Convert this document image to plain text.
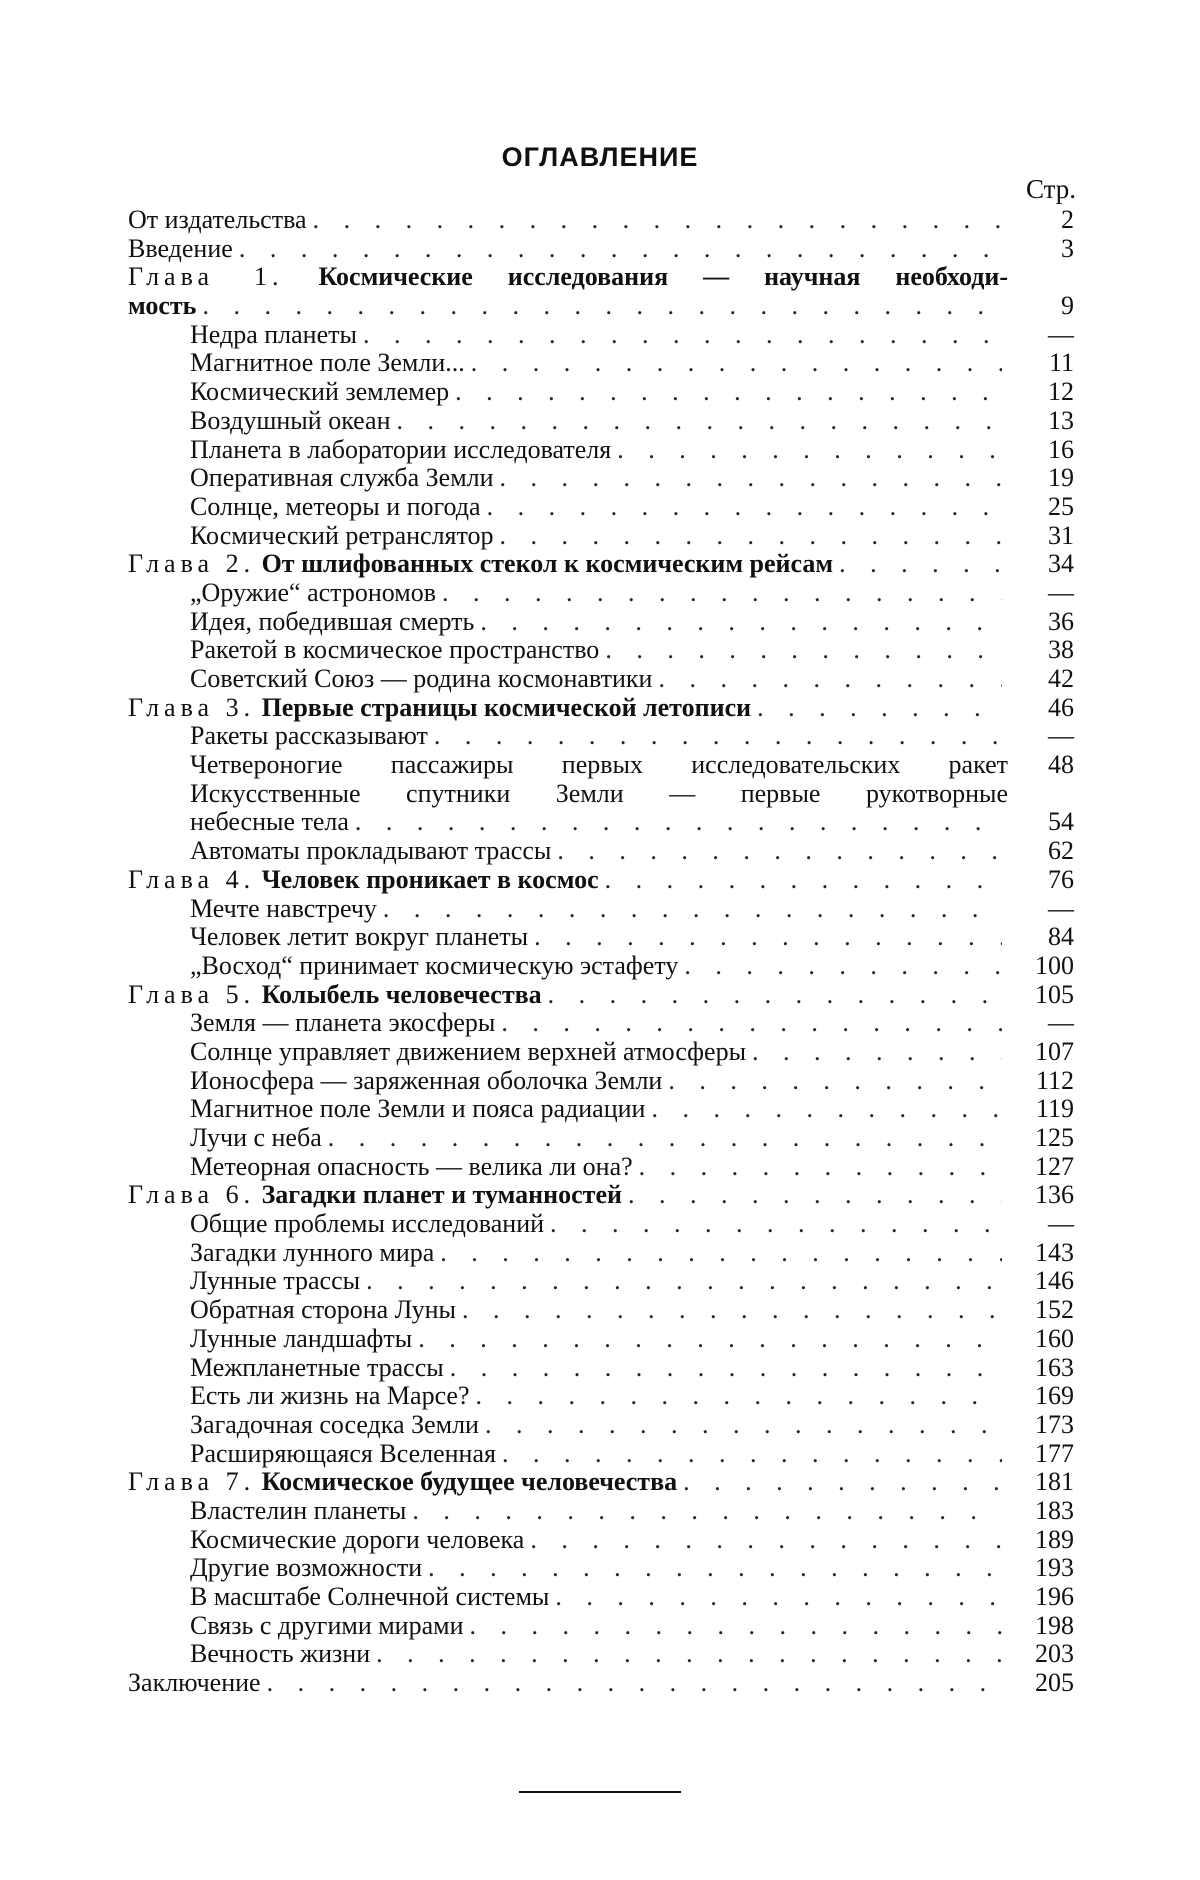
ОГЛАВЛЕНИЕ
Стр.
От издательства . . .	2
Введение . . .	3
Глава 1. Космические исследования — научная необходи-
мость . . .	9
Недра планеты . . .	—
Магнитное поле Земли... . . .	11
Космический землемер . . .	12
Воздушный океан . . .	13
Планета в лаборатории исследователя . . .	16
Оперативная служба Земли . . .	19
Солнце, метеоры и погода . . .	25
Космический ретранслятор . . .	31
Глава 2. От шлифованных стекол к космическим рейсам . . .	34
„Оружие“ астрономов . . .	—
Идея, победившая смерть . . .	36
Ракетой в космическое пространство . . .	38
Советский Союз — родина космонавтики . . .	42
Глава 3. Первые страницы космической летописи . . .	46
Ракеты рассказывают . . .	—
Четвероногие пассажиры первых исследовательских ракет	48
Искусственные спутники Земли — первые рукотворные
небесные тела . . .	54
Автоматы прокладывают трассы . . .	62
Глава 4. Человек проникает в космос . . .	76
Мечте навстречу . . .	—
Человек летит вокруг планеты . . .	84
„Восход“ принимает космическую эстафету . . .	100
Глава 5. Колыбель человечества . . .	105
Земля — планета экосферы . . .	—
Солнце управляет движением верхней атмосферы . . .	107
Ионосфера — заряженная оболочка Земли . . .	112
Магнитное поле Земли и пояса радиации . . .	119
Лучи с неба . . .	125
Метеорная опасность — велика ли она? . . .	127
Глава 6. Загадки планет и туманностей . . .	136
Общие проблемы исследований . . .	—
Загадки лунного мира . . .	143
Лунные трассы . . .	146
Обратная сторона Луны . . .	152
Лунные ландшафты . . .	160
Межпланетные трассы . . .	163
Есть ли жизнь на Марсе? . . .	169
Загадочная соседка Земли . . .	173
Расширяющаяся Вселенная . . .	177
Глава 7. Космическое будущее человечества . . .	181
Властелин планеты . . .	183
Космические дороги человека . . .	189
Другие возможности . . .	193
В масштабе Солнечной системы . . .	196
Связь с другими мирами . . .	198
Вечность жизни . . .	203
Заключение . . .	205
